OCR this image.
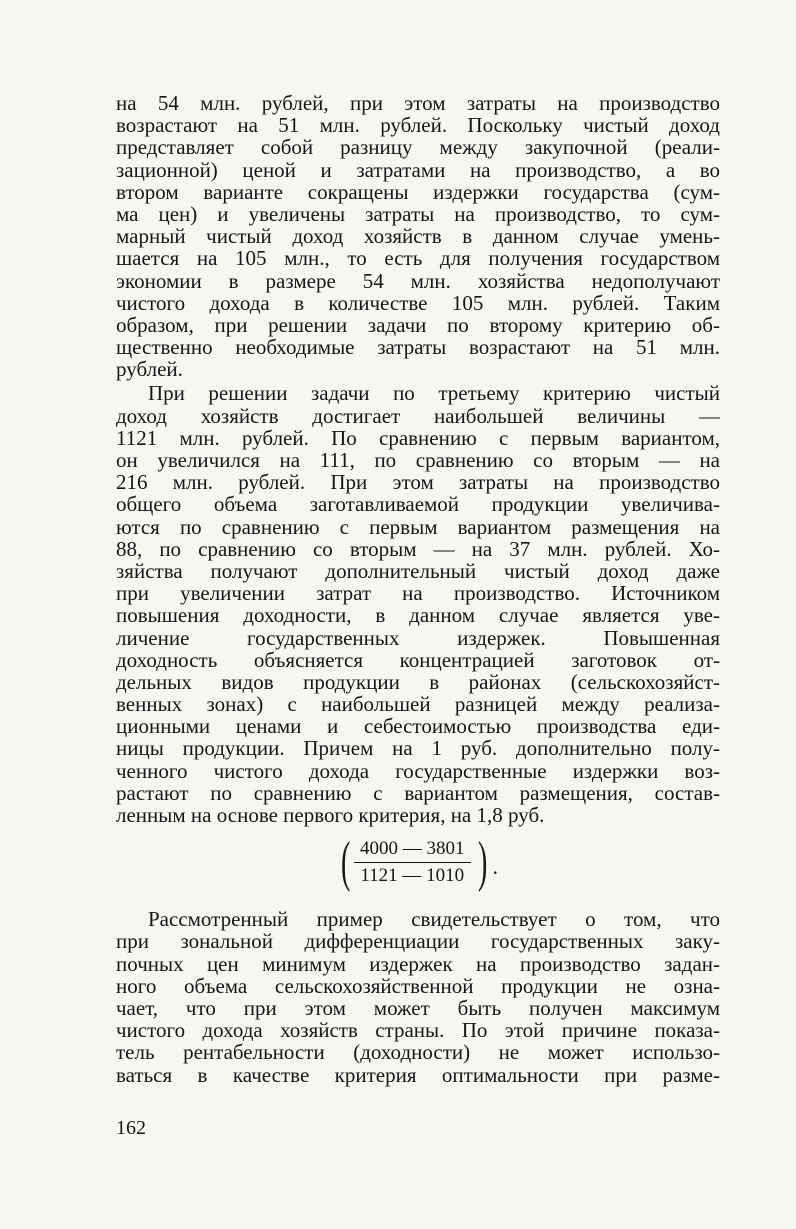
на 54 млн. рублей, при этом затраты на производство
возрастают на 51 млн. рублей. Поскольку чистый доход
представляет собой разницу между закупочной (реали-
зационной) ценой и затратами на производство, а во
втором варианте сокращены издержки государства (сум-
ма цен) и увеличены затраты на производство, то сум-
марный чистый доход хозяйств в данном случае умень-
шается на 105 млн., то есть для получения государством
экономии в размере 54 млн. хозяйства недополучают
чистого дохода в количестве 105 млн. рублей. Таким
образом, при решении задачи по второму критерию об-
щественно необходимые затраты возрастают на 51 млн.
рублей.
При решении задачи по третьему критерию чистый
доход хозяйств достигает наибольшей величины —
1121 млн. рублей. По сравнению с первым вариантом,
он увеличился на 111, по сравнению со вторым — на
216 млн. рублей. При этом затраты на производство
общего объема заготавливаемой продукции увеличива-
ются по сравнению с первым вариантом размещения на
88, по сравнению со вторым — на 37 млн. рублей. Хо-
зяйства получают дополнительный чистый доход даже
при увеличении затрат на производство. Источником
повышения доходности, в данном случае является уве-
личение государственных издержек. Повышенная
доходность объясняется концентрацией заготовок от-
дельных видов продукции в районах (сельскохозяйст-
венных зонах) с наибольшей разницей между реализа-
ционными ценами и себестоимостью производства еди-
ницы продукции. Причем на 1 руб. дополнительно полу-
ченного чистого дохода государственные издержки воз-
растают по сравнению с вариантом размещения, состав-
ленным на основе первого критерия, на 1,8 руб.
( $\frac{4000 — 3801}{1121 — 1010}$ ) .
Рассмотренный пример свидетельствует о том, что
при зональной дифференциации государственных заку-
почных цен минимум издержек на производство задан-
ного объема сельскохозяйственной продукции не озна-
чает, что при этом может быть получен максимум
чистого дохода хозяйств страны. По этой причине показа-
тель рентабельности (доходности) не может использо-
ваться в качестве критерия оптимальности при разме-
162
